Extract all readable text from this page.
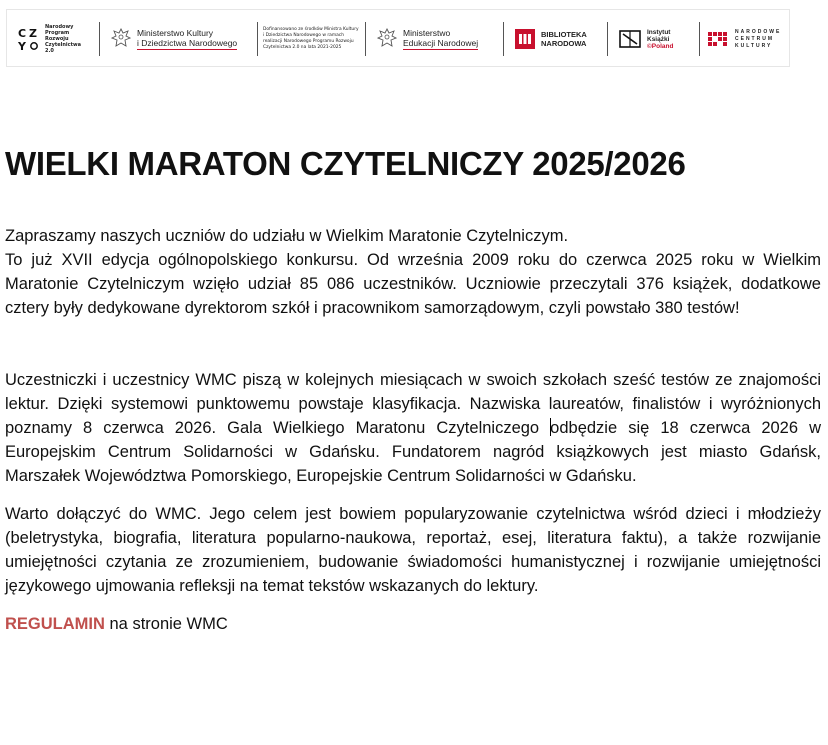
C Z
Y
Narodowy
Program
Rozwoju
Czytelnictwa
2.0
Ministerstwo Kultury
i Dziedzictwa Narodowego
Dofinansowano ze środków Ministra Kultury
i Dziedzictwa Narodowego w ramach
realizacji Narodowego Programu Rozwoju
Czytelnictwa 2.0 na lata 2021-2025
Ministerstwo
Edukacji Narodowej
BIBLIOTEKA
NARODOWA
Instytut
Książki
©Poland
NARODOWE
CENTRUM
KULTURY
WIELKI MARATON CZYTELNICZY 2025/2026

Zapraszamy naszych uczniów do udziału w Wielkim Maratonie Czytelniczym.

To już XVII edycja ogólnopolskiego konkursu. Od września 2009 roku do czerwca 2025 roku w Wielkim Maratonie Czytelniczym wzięło udział 85 086 uczestników. Uczniowie przeczytali 376 książek, dodatkowe cztery były dedykowane dyrektorom szkół i pracownikom samorządowym, czyli powstało 380 testów!

Uczestniczki i uczestnicy WMC piszą w kolejnych miesiącach w swoich szkołach sześć testów ze znajomości lektur. Dzięki systemowi punktowemu powstaje klasyfikacja. Nazwiska laureatów, finalistów i wyróżnionych poznamy 8 czerwca 2026. Gala Wielkiego Maratonu Czytelniczego odbędzie się 18 czerwca 2026 w Europejskim Centrum Solidarności w Gdańsku. Fundatorem nagród książkowych jest miasto Gdańsk, Marszałek Województwa Pomorskiego, Europejskie Centrum Solidarności w Gdańsku.

Warto dołączyć do WMC. Jego celem jest bowiem popularyzowanie czytelnictwa wśród dzieci i młodzieży (beletrystyka, biografia, literatura popularno-naukowa, reportaż, esej, literatura faktu), a także rozwijanie umiejętności czytania ze zrozumieniem, budowanie świadomości humanistycznej i rozwijanie umiejętności językowego ujmowania refleksji na temat tekstów wskazanych do lektury.

REGULAMIN na stronie WMC
